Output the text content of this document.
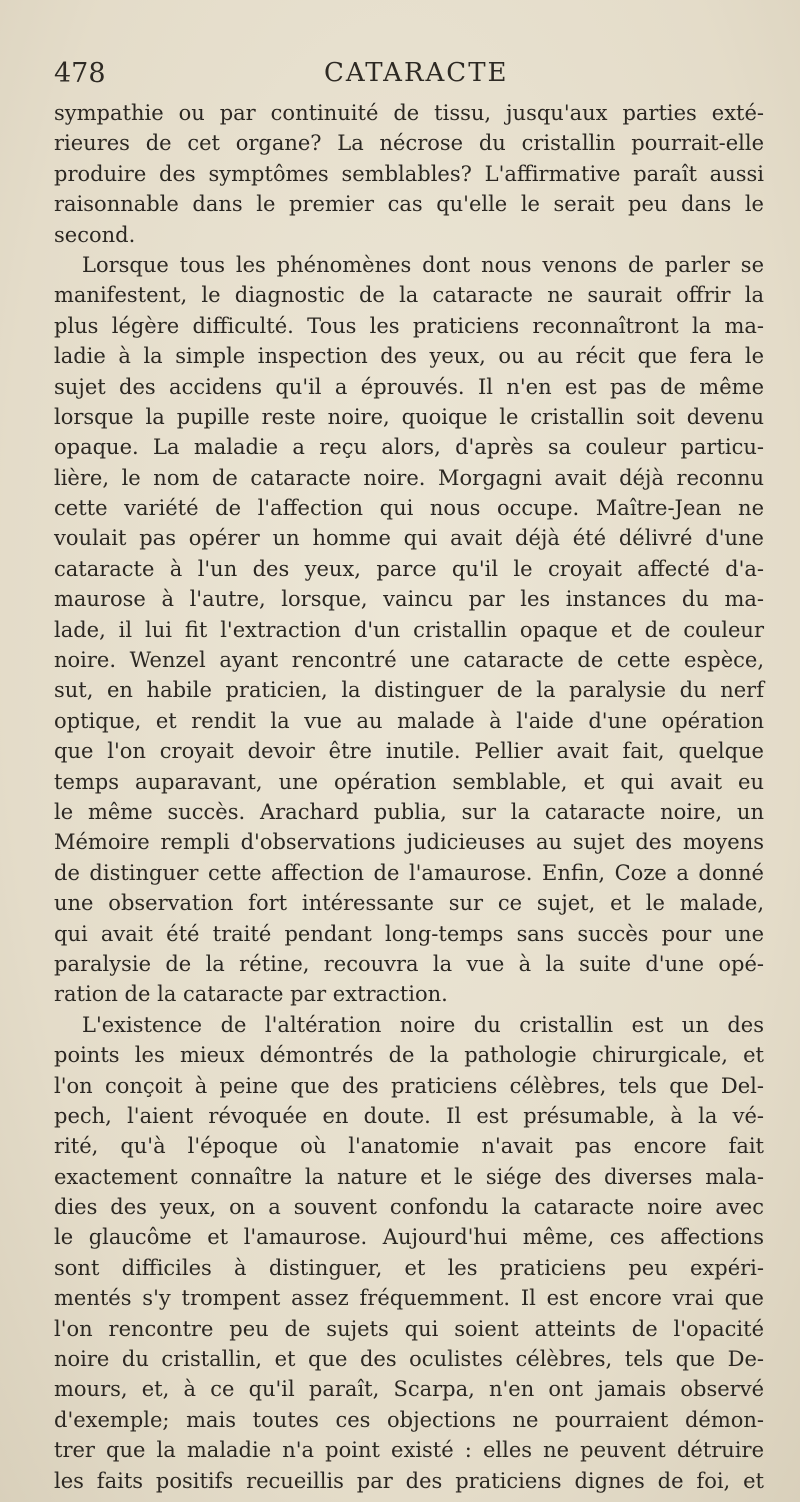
478	CATARACTE
sympathie ou par continuité de tissu, jusqu'aux parties exté-
rieures de cet organe? La nécrose du cristallin pourrait-elle
produire des symptômes semblables? L'affirmative paraît aussi
raisonnable dans le premier cas qu'elle le serait peu dans le
second.
Lorsque tous les phénomènes dont nous venons de parler se
manifestent, le diagnostic de la cataracte ne saurait offrir la
plus légère difficulté. Tous les praticiens reconnaîtront la ma-
ladie à la simple inspection des yeux, ou au récit que fera le
sujet des accidens qu'il a éprouvés. Il n'en est pas de même
lorsque la pupille reste noire, quoique le cristallin soit devenu
opaque. La maladie a reçu alors, d'après sa couleur particu-
lière, le nom de cataracte noire. Morgagni avait déjà reconnu
cette variété de l'affection qui nous occupe. Maître-Jean ne
voulait pas opérer un homme qui avait déjà été délivré d'une
cataracte à l'un des yeux, parce qu'il le croyait affecté d'a-
maurose à l'autre, lorsque, vaincu par les instances du ma-
lade, il lui fit l'extraction d'un cristallin opaque et de couleur
noire. Wenzel ayant rencontré une cataracte de cette espèce,
sut, en habile praticien, la distinguer de la paralysie du nerf
optique, et rendit la vue au malade à l'aide d'une opération
que l'on croyait devoir être inutile. Pellier avait fait, quelque
temps auparavant, une opération semblable, et qui avait eu
le même succès. Arachard publia, sur la cataracte noire, un
Mémoire rempli d'observations judicieuses au sujet des moyens
de distinguer cette affection de l'amaurose. Enfin, Coze a donné
une observation fort intéressante sur ce sujet, et le malade,
qui avait été traité pendant long-temps sans succès pour une
paralysie de la rétine, recouvra la vue à la suite d'une opé-
ration de la cataracte par extraction.
L'existence de l'altération noire du cristallin est un des
points les mieux démontrés de la pathologie chirurgicale, et
l'on conçoit à peine que des praticiens célèbres, tels que Del-
pech, l'aient révoquée en doute. Il est présumable, à la vé-
rité, qu'à l'époque où l'anatomie n'avait pas encore fait
exactement connaître la nature et le siége des diverses mala-
dies des yeux, on a souvent confondu la cataracte noire avec
le glaucôme et l'amaurose. Aujourd'hui même, ces affections
sont difficiles à distinguer, et les praticiens peu expéri-
mentés s'y trompent assez fréquemment. Il est encore vrai que
l'on rencontre peu de sujets qui soient atteints de l'opacité
noire du cristallin, et que des oculistes célèbres, tels que De-
mours, et, à ce qu'il paraît, Scarpa, n'en ont jamais observé
d'exemple; mais toutes ces objections ne pourraient démon-
trer que la maladie n'a point existé : elles ne peuvent détruire
les faits positifs recueillis par des praticiens dignes de foi, et
